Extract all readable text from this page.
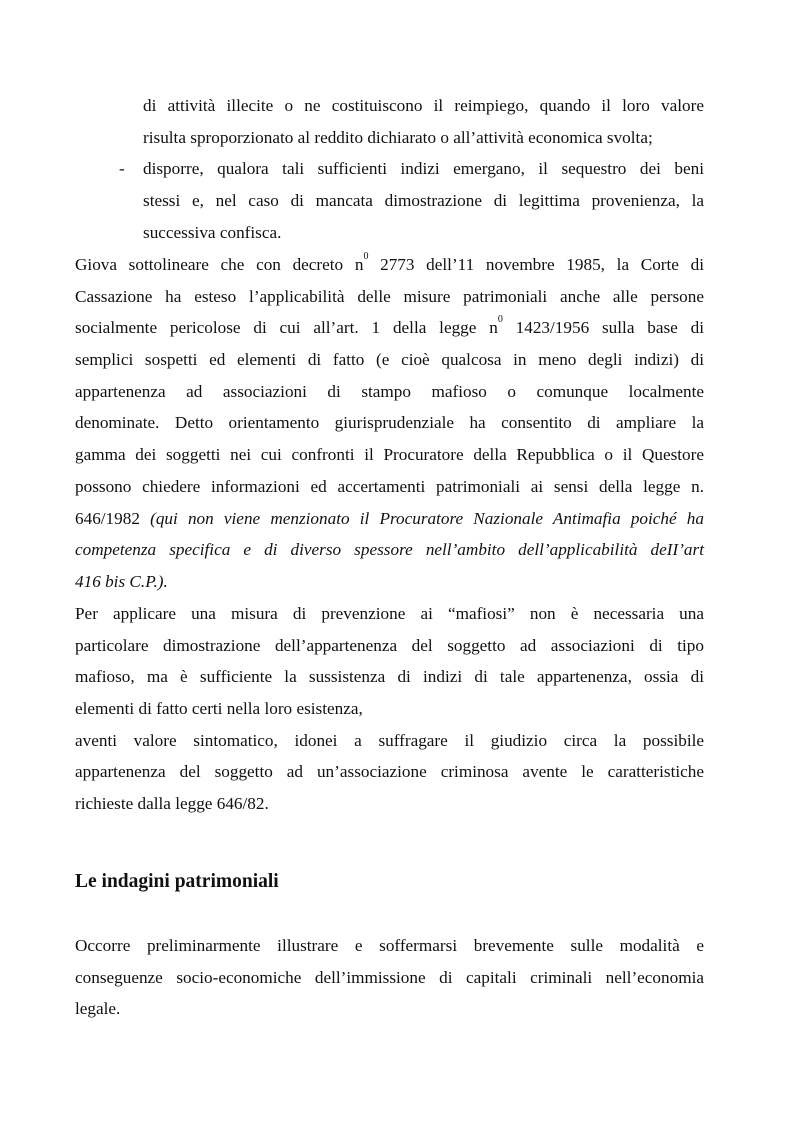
di attività illecite o ne costituiscono il reimpiego, quando il loro valore
risulta sproporzionato al reddito dichiarato o all’attività economica svolta;
-	disporre, qualora tali sufficienti indizi emergano, il sequestro dei beni
stessi e, nel caso di mancata dimostrazione di legittima provenienza, la
successiva confisca.
Giova sottolineare che con decreto $n^0$ 2773 dell’11 novembre 1985, la Corte di
Cassazione ha esteso l’applicabilità delle misure patrimoniali anche alle persone
socialmente pericolose di cui all’art. 1 della legge $n^0$ 1423/1956 sulla base di
semplici sospetti ed elementi di fatto (e cioè qualcosa in meno degli indizi) di
appartenenza ad associazioni di stampo mafioso o comunque localmente
denominate. Detto orientamento giurisprudenziale ha consentito di ampliare la
gamma dei soggetti nei cui confronti il Procuratore della Repubblica o il Questore
possono chiedere informazioni ed accertamenti patrimoniali ai sensi della legge n.
646/1982 (qui non viene menzionato il Procuratore Nazionale Antimafia poiché ha
competenza specifica e di diverso spessore nell’ambito dell’applicabilità deII’art
416 bis C.P.).
Per applicare una misura di prevenzione ai “mafiosi” non è necessaria una
particolare dimostrazione dell’appartenenza del soggetto ad associazioni di tipo
mafioso, ma è sufficiente la sussistenza di indizi di tale appartenenza, ossia di
elementi di fatto certi nella loro esistenza,
aventi valore sintomatico, idonei a suffragare il giudizio circa la possibile
appartenenza del soggetto ad un’associazione criminosa avente le caratteristiche
richieste dalla legge 646/82.
Le indagini patrimoniali
Occorre preliminarmente illustrare e soffermarsi brevemente sulle modalità e
conseguenze socio-economiche dell’immissione di capitali criminali nell’economia
legale.
